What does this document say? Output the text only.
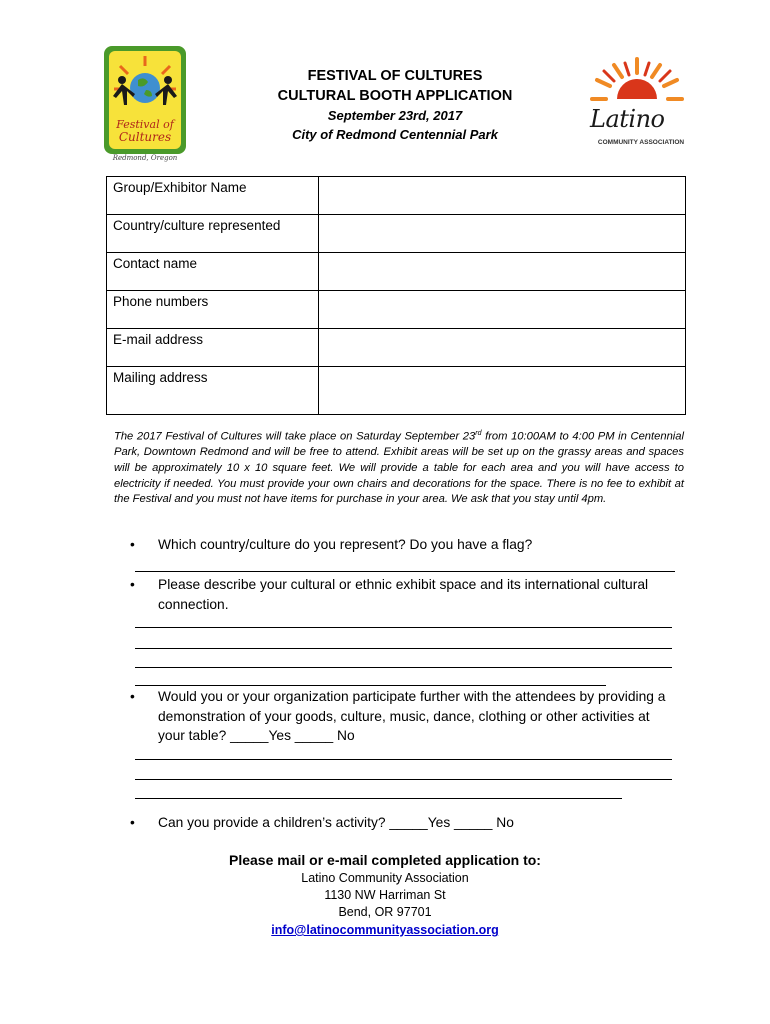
Festival of
Cultures
Redmond, Oregon
FESTIVAL OF CULTURES
CULTURAL BOOTH APPLICATION
September 23rd, 2017
City of Redmond Centennial Park
Latino
COMMUNITY ASSOCIATION
Group/Exhibitor Name	
Country/culture represented	
Contact name	
Phone numbers	
E-mail address	
Mailing address	
The 2017 Festival of Cultures will take place on Saturday September 23rd from 10:00AM to 4:00 PM in Centennial Park, Downtown Redmond and will be free to attend. Exhibit areas will be set up on the grassy areas and spaces will be approximately 10 x 10 square feet. We will provide a table for each area and you will have access to electricity if needed. You must provide your own chairs and decorations for the space. There is no fee to exhibit at the Festival and you must not have items for purchase in your area. We ask that you stay until 4pm.
• Which country/culture do you represent? Do you have a flag?
• Please describe your cultural or ethnic exhibit space and its international cultural connection.
• Would you or your organization participate further with the attendees by providing a demonstration of your goods, culture, music, dance, clothing or other activities at your table? _____Yes _____ No
• Can you provide a children’s activity? _____Yes _____ No
Please mail or e-mail completed application to:
Latino Community Association
1130 NW Harriman St
Bend, OR 97701
info@latinocommunityassociation.org
